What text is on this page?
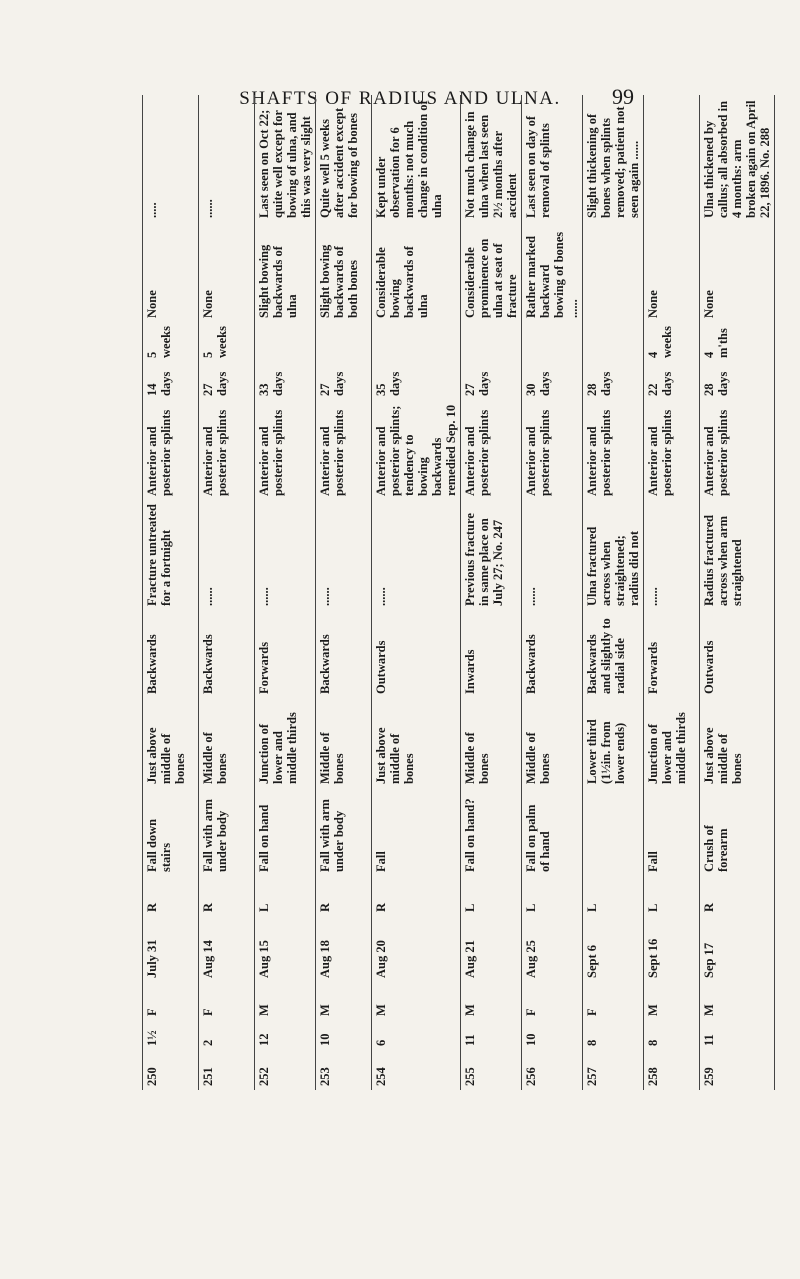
SHAFTS OF RADIUS AND ULNA.	99
250	1½	F	July 31	R	Fall down stairs	Just above middle of bones	Backwards	Fracture untreated for a fortnight	Anterior and posterior splints	14 days	5 weeks	None	.....
251	2	F	Aug 14	R	Fall with arm under body	Middle of bones	Backwards	......	Anterior and posterior splints	27 days	5 weeks	None	......
252	12	M	Aug 15	L	Fall on hand	Junction of lower and middle thirds	Forwards	......	Anterior and posterior splints	33 days		Slight bowing backwards of ulna	Last seen on Oct 22; quite well except for bowing of ulna, and this was very slight
253	10	M	Aug 18	R	Fall with arm under body	Middle of bones	Backwards	......	Anterior and posterior splints	27 days		Slight bowing backwards of both bones	Quite well 5 weeks after accident except for bowing of bones
254	6	M	Aug 20	R	Fall	Just above middle of bones	Outwards	......	Anterior and posterior splints; tendency to bowing backwards remedied Sep. 10	35 days		Considerable bowing backwards of ulna	Kept under observation for 6 months: not much change in condition of ulna
255	11	M	Aug 21	L	Fall on hand?	Middle of bones	Inwards	Previous fracture in same place on July 27; No. 247	Anterior and posterior splints	27 days		Considerable prominence on ulna at seat of fracture	Not much change in ulna when last seen 2½ months after accident
256	10	F	Aug 25	L	Fall on palm of hand	Middle of bones	Backwards	......	Anterior and posterior splints	30 days		Rather marked backward bowing of bones ......	Last seen on day of removal of splints
257	8	F	Sept 6	L		Lower third (1½in. from lower ends)	Backwards and slightly to radial side	Ulna fractured across when straightened; radius did not	Anterior and posterior splints	28 days			Slight thickening of bones when splints removed; patient not seen again ......
258	8	M	Sept 16	L	Fall	Junction of lower and middle thirds	Forwards	......	Anterior and posterior splints	22 days	4 weeks	None	
259	11	M	Sep 17	R	Crush of forearm	Just above middle of bones	Outwards	Radius fractured across when arm straightened	Anterior and posterior splints	28 days	4 m'ths	None	Ulna thickened by callus; all absorbed in 4 months: arm broken again on April 22, 1896. No. 288
